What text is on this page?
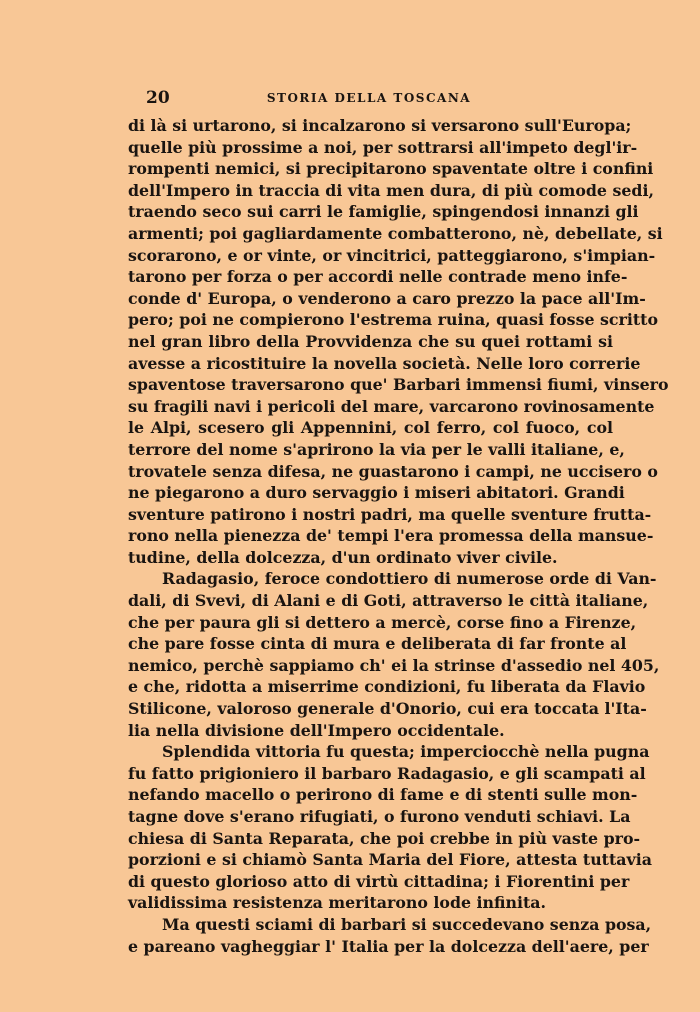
20	STORIA DELLA TOSCANA
di là si urtarono, si incalzarono si versarono sull'Europa;
quelle più prossime a noi, per sottrarsi all'impeto degl'ir-
rompenti nemici, si precipitarono spaventate oltre i confini
dell'Impero in traccia di vita men dura, di più comode sedi,
traendo seco sui carri le famiglie, spingendosi innanzi gli
armenti; poi gagliardamente combatterono, nè, debellate, si
scorarono, e or vinte, or vincitrici, patteggiarono, s'impian-
tarono per forza o per accordi nelle contrade meno infe-
conde d' Europa, o venderono a caro prezzo la pace all'Im-
pero; poi ne compierono l'estrema ruina, quasi fosse scritto
nel gran libro della Provvidenza che su quei rottami si
avesse a ricostituire la novella società. Nelle loro correrie
spaventose traversarono que' Barbari immensi fiumi, vinsero
su fragili navi i pericoli del mare, varcarono rovinosamente
le Alpi, scesero gli Appennini, col ferro, col fuoco, col
terrore del nome s'aprirono la via per le valli italiane, e,
trovatele senza difesa, ne guastarono i campi, ne uccisero o
ne piegarono a duro servaggio i miseri abitatori. Grandi
sventure patirono i nostri padri, ma quelle sventure frutta-
rono nella pienezza de' tempi l'era promessa della mansue-
tudine, della dolcezza, d'un ordinato viver civile.
Radagasio, feroce condottiero di numerose orde di Van-
dali, di Svevi, di Alani e di Goti, attraverso le città italiane,
che per paura gli si dettero a mercè, corse fino a Firenze,
che pare fosse cinta di mura e deliberata di far fronte al
nemico, perchè sappiamo ch' ei la strinse d'assedio nel 405,
e che, ridotta a miserrime condizioni, fu liberata da Flavio
Stilicone, valoroso generale d'Onorio, cui era toccata l'Ita-
lia nella divisione dell'Impero occidentale.
Splendida vittoria fu questa; imperciocchè nella pugna
fu fatto prigioniero il barbaro Radagasio, e gli scampati al
nefando macello o perirono di fame e di stenti sulle mon-
tagne dove s'erano rifugiati, o furono venduti schiavi. La
chiesa di Santa Reparata, che poi crebbe in più vaste pro-
porzioni e si chiamò Santa Maria del Fiore, attesta tuttavia
di questo glorioso atto di virtù cittadina; i Fiorentini per
validissima resistenza meritarono lode infinita.
Ma questi sciami di barbari si succedevano senza posa,
e pareano vagheggiar l' Italia per la dolcezza dell'aere, per
